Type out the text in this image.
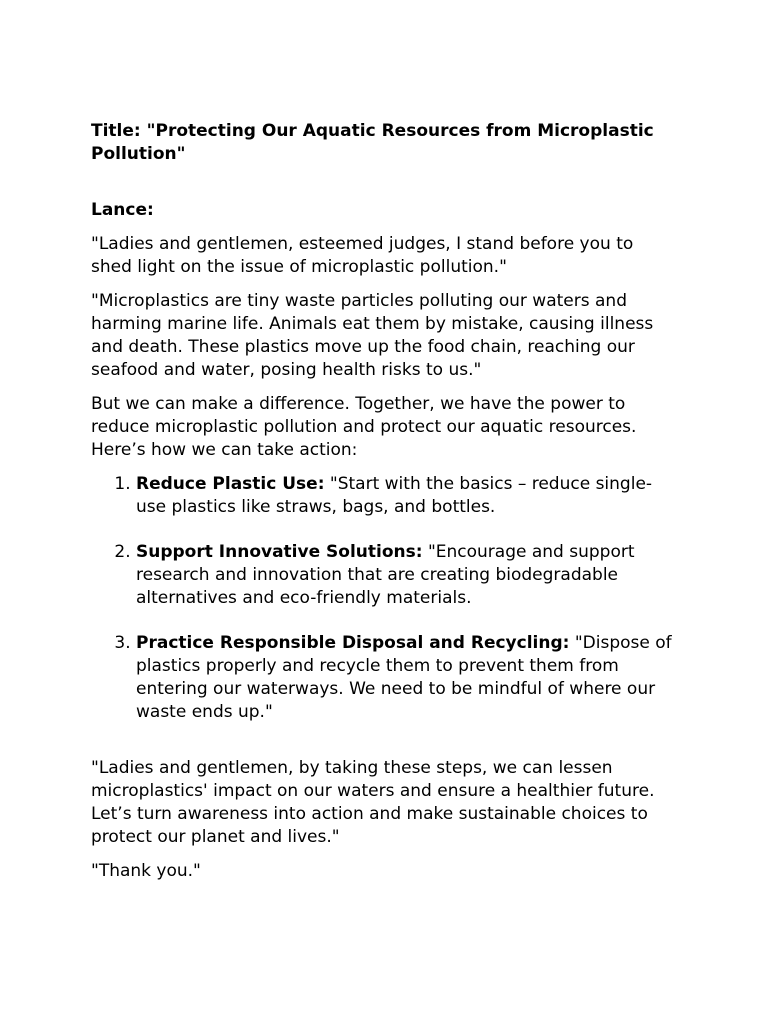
Title: "Protecting Our Aquatic Resources from Microplastic Pollution"
Lance:

"Ladies and gentlemen, esteemed judges, I stand before you to shed light on the issue of microplastic pollution."

"Microplastics are tiny waste particles polluting our waters and harming marine life. Animals eat them by mistake, causing illness and death. These plastics move up the food chain, reaching our seafood and water, posing health risks to us."

But we can make a difference. Together, we have the power to reduce microplastic pollution and protect our aquatic resources. Here’s how we can take action:

1. Reduce Plastic Use: "Start with the basics – reduce single-use plastics like straws, bags, and bottles.
2. Support Innovative Solutions: "Encourage and support research and innovation that are creating biodegradable alternatives and eco-friendly materials.
3. Practice Responsible Disposal and Recycling: "Dispose of plastics properly and recycle them to prevent them from entering our waterways. We need to be mindful of where our waste ends up."

"Ladies and gentlemen, by taking these steps, we can lessen microplastics' impact on our waters and ensure a healthier future. Let’s turn awareness into action and make sustainable choices to protect our planet and lives."

"Thank you."
